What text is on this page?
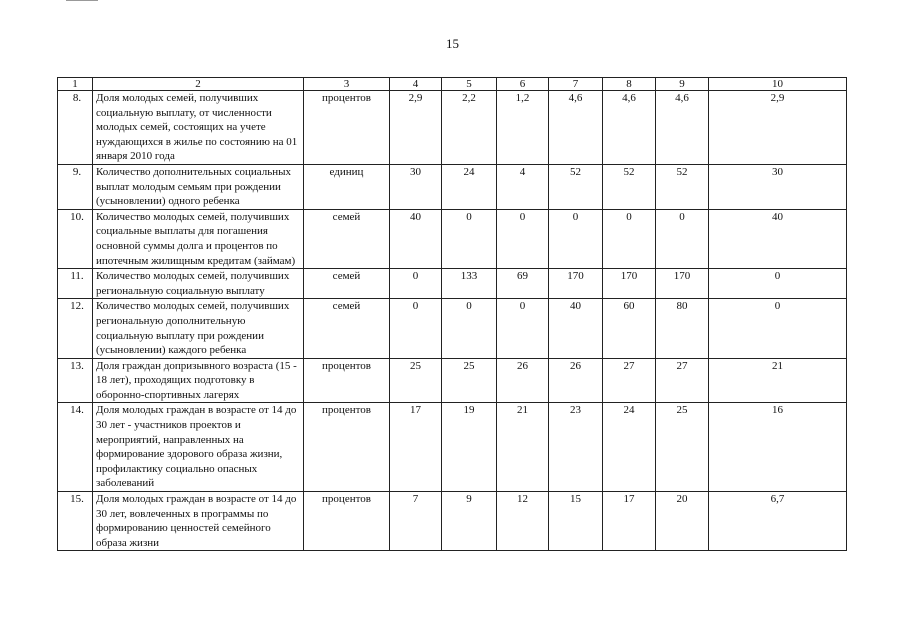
15
1	2	3	4	5	6	7	8	9	10
8.	Доля молодых семей, получивших социальную выплату, от численности молодых семей, состоящих на учете нуждающихся в жилье по состоянию на 01 января 2010 года	процентов	2,9	2,2	1,2	4,6	4,6	4,6	2,9
9.	Количество дополнительных социальных выплат молодым семьям при рождении (усыновлении) одного ребенка	единиц	30	24	4	52	52	52	30
10.	Количество молодых семей, получивших социальные выплаты для погашения основной суммы долга и процентов по ипотечным жилищным кредитам (займам)	семей	40	0	0	0	0	0	40
11.	Количество молодых семей, получивших региональную социальную выплату	семей	0	133	69	170	170	170	0
12.	Количество молодых семей, получивших региональную дополнительную социальную выплату при рождении (усыновлении) каждого ребенка	семей	0	0	0	40	60	80	0
13.	Доля граждан допризывного возраста (15 - 18 лет), проходящих подготовку в оборонно-спортивных лагерях	процентов	25	25	26	26	27	27	21
14.	Доля молодых граждан в возрасте от 14 до 30 лет - участников проектов и мероприятий, направленных на формирование здорового образа жизни, профилактику социально опасных заболеваний	процентов	17	19	21	23	24	25	16
15.	Доля молодых граждан в возрасте от 14 до 30 лет, вовлеченных в программы по формированию ценностей семейного образа жизни	процентов	7	9	12	15	17	20	6,7
